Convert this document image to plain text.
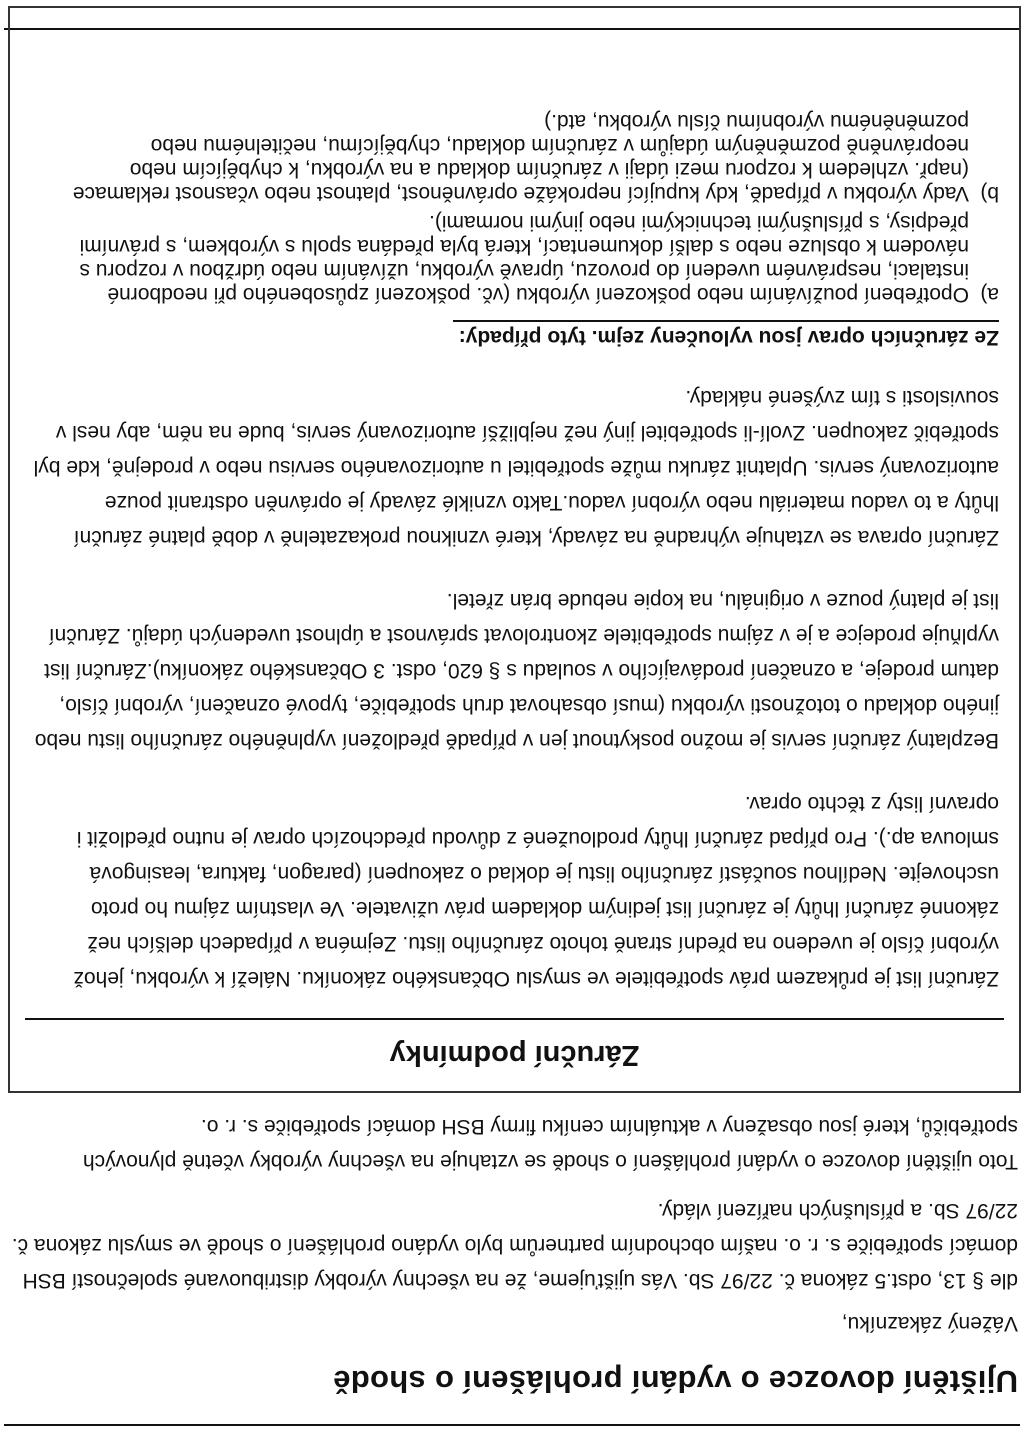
Ujištění dovozce o vydání prohlášení o shodě

Vážený zákazníku,

dle § 13, odst.5 zákona č. 22/97 Sb. Vás ujišťujeme, že na všechny výrobky distribuované společností BSH domácí spotřebiče s. r. o. naším obchodním partnerům bylo vydáno prohlášení o shodě ve smyslu zákona č. 22/97 Sb. a příslušných nařízení vlády.

Toto ujištění dovozce o vydání prohlášení o shodě se vztahuje na všechny výrobky včetně plynových spotřebičů, které jsou obsaženy v aktuálním ceníku firmy BSH domácí spotřebiče s. r. o.

Záruční podmínky

Záruční list je průkazem práv spotřebitele ve smyslu Občanského zákoníku. Náleží k výrobku, jehož výrobní číslo je uvedeno na přední straně tohoto záručního listu. Zejména v případech delších než zákonné záruční lhůty je záruční list jediným dokladem práv uživatele. Ve vlastním zájmu ho proto uschovejte. Nedílnou součástí záručního listu je doklad o zakoupení (paragon, faktura, leasingová smlouva ap.). Pro případ záruční lhůty prodloužené z důvodu předchozích oprav je nutno předložit i opravní listy z těchto oprav.

Bezplatný záruční servis je možno poskytnout jen v případě předložení vyplněného záručního listu nebo jiného dokladu o totožnosti výrobku (musí obsahovat druh spotřebiče, typové označení, výrobní číslo, datum prodeje, a označení prodávajícího v souladu s § 620, odst. 3 Občanského zákoníku).Záruční list vyplňuje prodejce a je v zájmu spotřebitele zkontrolovat správnost a úplnost uvedených údajů. Záruční list je platný pouze v originálu, na kopie nebude brán zřetel.

Záruční oprava se vztahuje výhradně na závady, které vzniknou prokazatelně v době platné záruční lhůty a to vadou materiálu nebo výrobní vadou.Takto vzniklé závady je oprávněn odstranit pouze autorizovaný servis. Uplatnit záruku může spotřebitel u autorizovaného servisu nebo v prodejně, kde byl spotřebič zakoupen. Zvolí-li spotřebitel jiný než nejbližší autorizovaný servis, bude na něm, aby nesl v souvislosti s tím zvýšené náklady.

Ze záručních oprav jsou vyloučeny zejm. tyto případy:
a)
Opotřebení používáním nebo poškození výrobku (vč. poškození způsobeného při neodborné instalaci, nesprávném uvedení do provozu, úpravě výrobku, užíváním nebo údržbou v rozporu s návodem k obsluze nebo s další dokumentací, která byla předána spolu s výrobkem, s právními předpisy, s příslušnými technickými nebo jinými normami).
b)
Vady výrobku v případě, kdy kupující neprokáže oprávněnost, platnost nebo včasnost reklamace (např. vzhledem k rozporu mezi údaji v záručním dokladu a na výrobku, k chybějícím nebo neoprávněně pozměněným údajům v záručním dokladu, chybějícímu, nečitelnému nebo pozměněnému výrobnímu číslu výrobku, atd.)
